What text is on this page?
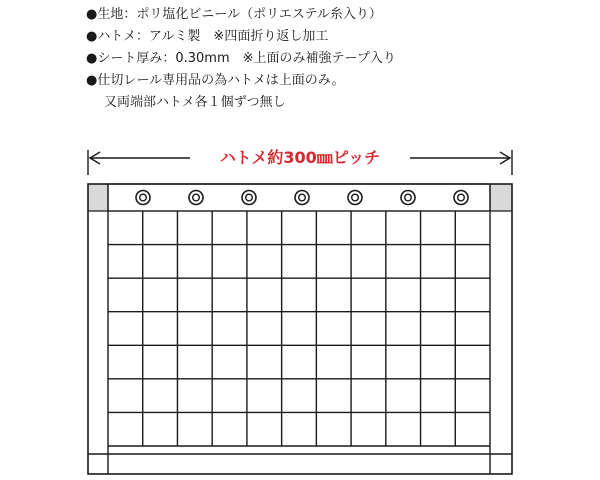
●生地：ポリ塩化ビニール（ポリエステル糸入り）
●ハトメ：アルミ製　※四面折り返し加工
●シート厚み：0.30mm　※上面のみ補強テープ入り
●仕切レール専用品の為ハトメは上面のみ。
又両端部ハトメ各１個ずつ無し
ハトメ約300㎜ピッチ
